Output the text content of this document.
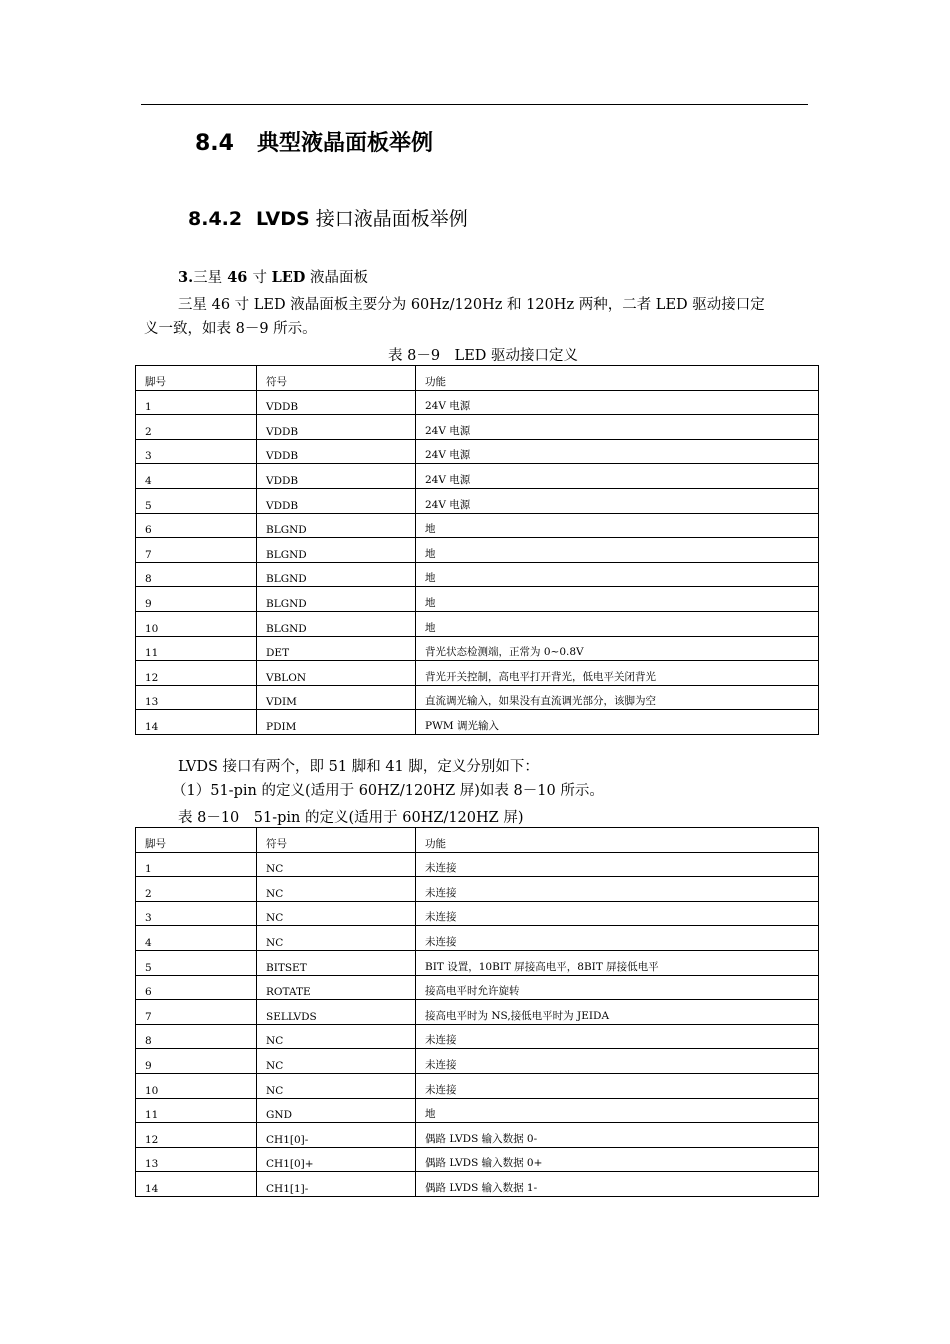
8.4 典型液晶面板举例
8.4.2 LVDS 接口液晶面板举例
3.三星 46 寸 LED 液晶面板
三星 46 寸 LED 液晶面板主要分为 60Hz/120Hz 和 120Hz 两种，二者 LED 驱动接口定
义一致，如表 8－9 所示。
表 8－9　LED 驱动接口定义
脚号	符号	功能
1	VDDB	24V 电源
2	VDDB	24V 电源
3	VDDB	24V 电源
4	VDDB	24V 电源
5	VDDB	24V 电源
6	BLGND	地
7	BLGND	地
8	BLGND	地
9	BLGND	地
10	BLGND	地
11	DET	背光状态检测端，正常为 0~0.8V
12	VBLON	背光开关控制，高电平打开背光，低电平关闭背光
13	VDIM	直流调光输入，如果没有直流调光部分，该脚为空
14	PDIM	PWM 调光输入
LVDS 接口有两个，即 51 脚和 41 脚，定义分别如下：
（1）51-pin 的定义(适用于 60HZ/120HZ 屏)如表 8－10 所示。
表 8－10　51-pin 的定义(适用于 60HZ/120HZ 屏)
脚号	符号	功能
1	NC	未连接
2	NC	未连接
3	NC	未连接
4	NC	未连接
5	BITSET	BIT 设置，10BIT 屏接高电平，8BIT 屏接低电平
6	ROTATE	接高电平时允许旋转
7	SELLVDS	接高电平时为 NS,接低电平时为 JEIDA
8	NC	未连接
9	NC	未连接
10	NC	未连接
11	GND	地
12	CH1[0]-	偶路 LVDS 输入数据 0-
13	CH1[0]+	偶路 LVDS 输入数据 0+
14	CH1[1]-	偶路 LVDS 输入数据 1-
